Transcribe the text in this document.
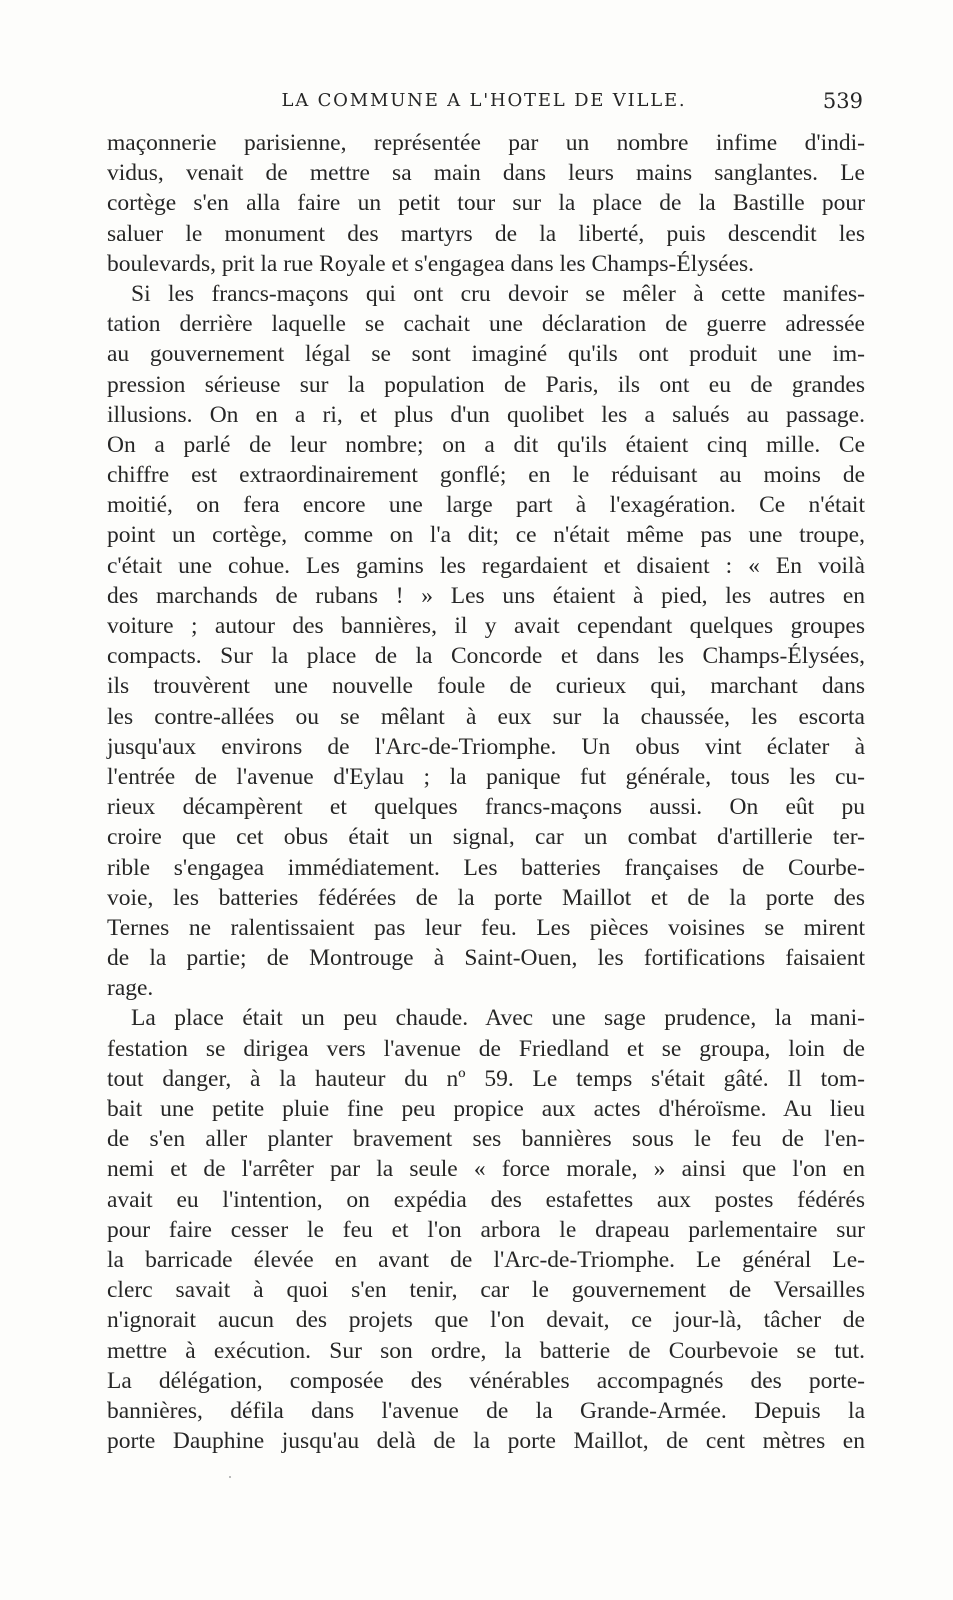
LA COMMUNE A L'HOTEL DE VILLE.	539
maçonnerie parisienne, représentée par un nombre infime d'indi-
vidus, venait de mettre sa main dans leurs mains sanglantes. Le
cortège s'en alla faire un petit tour sur la place de la Bastille pour
saluer le monument des martyrs de la liberté, puis descendit les
boulevards, prit la rue Royale et s'engagea dans les Champs-Élysées.
Si les francs-maçons qui ont cru devoir se mêler à cette manifes-
tation derrière laquelle se cachait une déclaration de guerre adressée
au gouvernement légal se sont imaginé qu'ils ont produit une im-
pression sérieuse sur la population de Paris, ils ont eu de grandes
illusions. On en a ri, et plus d'un quolibet les a salués au passage.
On a parlé de leur nombre; on a dit qu'ils étaient cinq mille. Ce
chiffre est extraordinairement gonflé; en le réduisant au moins de
moitié, on fera encore une large part à l'exagération. Ce n'était
point un cortège, comme on l'a dit; ce n'était même pas une troupe,
c'était une cohue. Les gamins les regardaient et disaient : « En voilà
des marchands de rubans ! » Les uns étaient à pied, les autres en
voiture ; autour des bannières, il y avait cependant quelques groupes
compacts. Sur la place de la Concorde et dans les Champs-Élysées,
ils trouvèrent une nouvelle foule de curieux qui, marchant dans
les contre-allées ou se mêlant à eux sur la chaussée, les escorta
jusqu'aux environs de l'Arc-de-Triomphe. Un obus vint éclater à
l'entrée de l'avenue d'Eylau ; la panique fut générale, tous les cu-
rieux décampèrent et quelques francs-maçons aussi. On eût pu
croire que cet obus était un signal, car un combat d'artillerie ter-
rible s'engagea immédiatement. Les batteries françaises de Courbe-
voie, les batteries fédérées de la porte Maillot et de la porte des
Ternes ne ralentissaient pas leur feu. Les pièces voisines se mirent
de la partie; de Montrouge à Saint-Ouen, les fortifications faisaient
rage.
La place était un peu chaude. Avec une sage prudence, la mani-
festation se dirigea vers l'avenue de Friedland et se groupa, loin de
tout danger, à la hauteur du nº 59. Le temps s'était gâté. Il tom-
bait une petite pluie fine peu propice aux actes d'héroïsme. Au lieu
de s'en aller planter bravement ses bannières sous le feu de l'en-
nemi et de l'arrêter par la seule « force morale, » ainsi que l'on en
avait eu l'intention, on expédia des estafettes aux postes fédérés
pour faire cesser le feu et l'on arbora le drapeau parlementaire sur
la barricade élevée en avant de l'Arc-de-Triomphe. Le général Le-
clerc savait à quoi s'en tenir, car le gouvernement de Versailles
n'ignorait aucun des projets que l'on devait, ce jour-là, tâcher de
mettre à exécution. Sur son ordre, la batterie de Courbevoie se tut.
La délégation, composée des vénérables accompagnés des porte-
bannières, défila dans l'avenue de la Grande-Armée. Depuis la
porte Dauphine jusqu'au delà de la porte Maillot, de cent mètres en
